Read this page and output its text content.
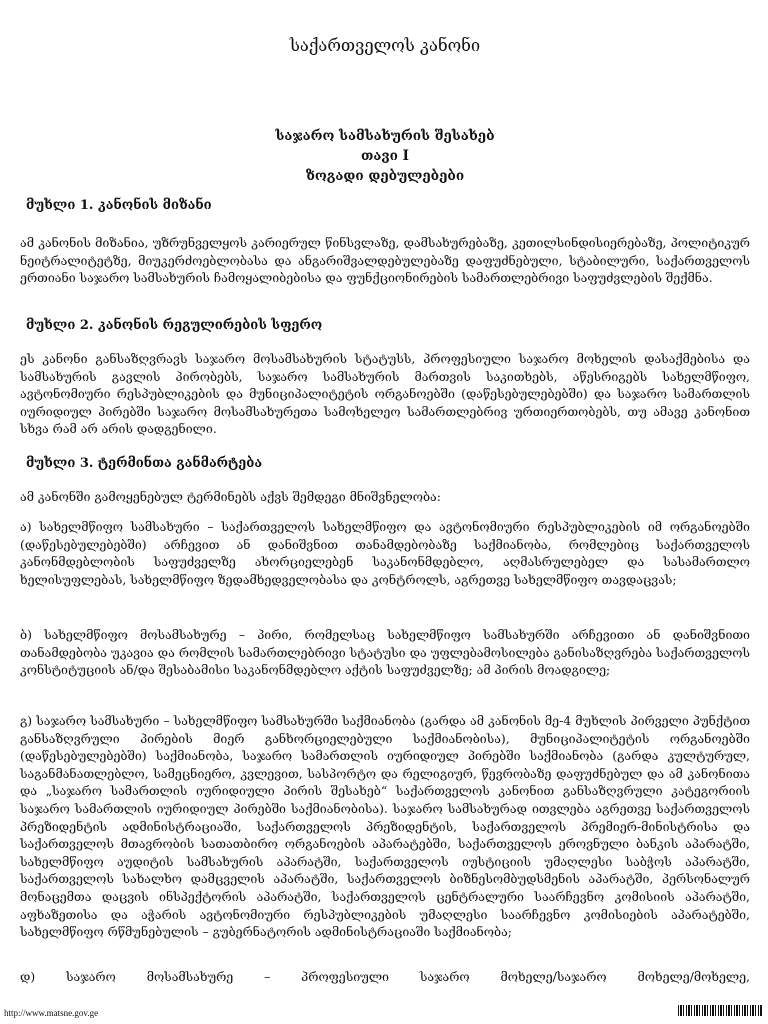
საქართველოს კანონი
საჯარო სამსახურის შესახებ
თავი I
ზოგადი დებულებები
მუხლი 1. კანონის მიზანი
ამ კანონის მიზანია, უზრუნველყოს კარიერულ წინსვლაზე, დამსახურებაზე, კეთილსინდისიერებაზე, პოლიტიკურ ნეიტრალიტეტზე, მიუკერძოებლობასა და ანგარიშვალდებულებაზე დაფუძნებული, სტაბილური, საქართველოს ერთიანი საჯარო სამსახურის ჩამოყალიბებისა და ფუნქციონირების სამართლებრივი საფუძვლების შექმნა.
მუხლი 2. კანონის რეგულირების სფერო
ეს კანონი განსაზღვრავს საჯარო მოსამსახურის სტატუსს, პროფესიული საჯარო მოხელის დასაქმებისა და სამსახურის გავლის პირობებს, საჯარო სამსახურის მართვის საკითხებს, აწესრიგებს სახელმწიფო, ავტონომიური რესპუბლიკების და მუნიციპალიტეტის ორგანოებში (დაწესებულებებში) და საჯარო სამართლის იურიდიულ პირებში საჯარო მოსამსახურეთა სამოხელეო სამართლებრივ ურთიერთობებს, თუ ამავე კანონით სხვა რამ არ არის დადგენილი.
მუხლი 3. ტერმინთა განმარტება
ამ კანონში გამოყენებულ ტერმინებს აქვს შემდეგი მნიშვნელობა:
ა) სახელმწიფო სამსახური – საქართველოს სახელმწიფო და ავტონომიური რესპუბლიკების იმ ორგანოებში (დაწესებულებებში) არჩევით ან დანიშვნით თანამდებობაზე საქმიანობა, რომლებიც საქართველოს კანონმდებლობის საფუძველზე ახორციელებენ საკანონმდებლო, აღმასრულებელ და სასამართლო ხელისუფლებას, სახელმწიფო ზედამხედველობასა და კონტროლს, აგრეთვე სახელმწიფო თავდაცვას;
ბ) სახელმწიფო მოსამსახურე – პირი, რომელსაც სახელმწიფო სამსახურში არჩევითი ან დანიშვნითი თანამდებობა უკავია და რომლის სამართლებრივი სტატუსი და უფლებამოსილება განისაზღვრება საქართველოს კონსტიტუციის ან/და შესაბამისი საკანონმდებლო აქტის საფუძველზე; ამ პირის მოადგილე;
გ) საჯარო სამსახური – სახელმწიფო სამსახურში საქმიანობა (გარდა ამ კანონის მე-4 მუხლის პირველი პუნქტით განსაზღვრული პირების მიერ განხორციელებული საქმიანობისა), მუნიციპალიტეტის ორგანოებში (დაწესებულებებში) საქმიანობა, საჯარო სამართლის იურიდიულ პირებში საქმიანობა (გარდა კულტურულ, საგანმანათლებლო, სამეცნიერო, კვლევით, სასპორტო და რელიგიურ, წევრობაზე დაფუძნებულ და ამ კანონითა და „საჯარო სამართლის იურიდიული პირის შესახებ“ საქართველოს კანონით განსაზღვრული კატეგორიის საჯარო სამართლის იურიდიულ პირებში საქმიანობისა). საჯარო სამსახურად ითვლება აგრეთვე საქართველოს პრეზიდენტის ადმინისტრაციაში, საქართველოს პრეზიდენტის, საქართველოს პრემიერ-მინისტრისა და საქართველოს მთავრობის სათათბირო ორგანოების აპარატებში, საქართველოს ეროვნული ბანკის აპარატში, სახელმწიფო აუდიტის სამსახურის აპარატში, საქართველოს იუსტიციის უმაღლესი საბჭოს აპარატში, საქართველოს სახალხო დამცველის აპარატში, საქართველოს ბიზნესომბუდსმენის აპარატში, პერსონალურ მონაცემთა დაცვის ინსპექტორის აპარატში, საქართველოს ცენტრალური საარჩევნო კომისიის აპარატში, აფხაზეთისა და აჭარის ავტონომიური რესპუბლიკების უმაღლესი საარჩევნო კომისიების აპარატებში, სახელმწიფო რწმუნებულის – გუბერნატორის ადმინისტრაციაში საქმიანობა;
დ) საჯარო მოსამსახურე – პროფესიული საჯარო მოხელე/საჯარო მოხელე/მოხელე,
http://www.matsne.gov.ge
